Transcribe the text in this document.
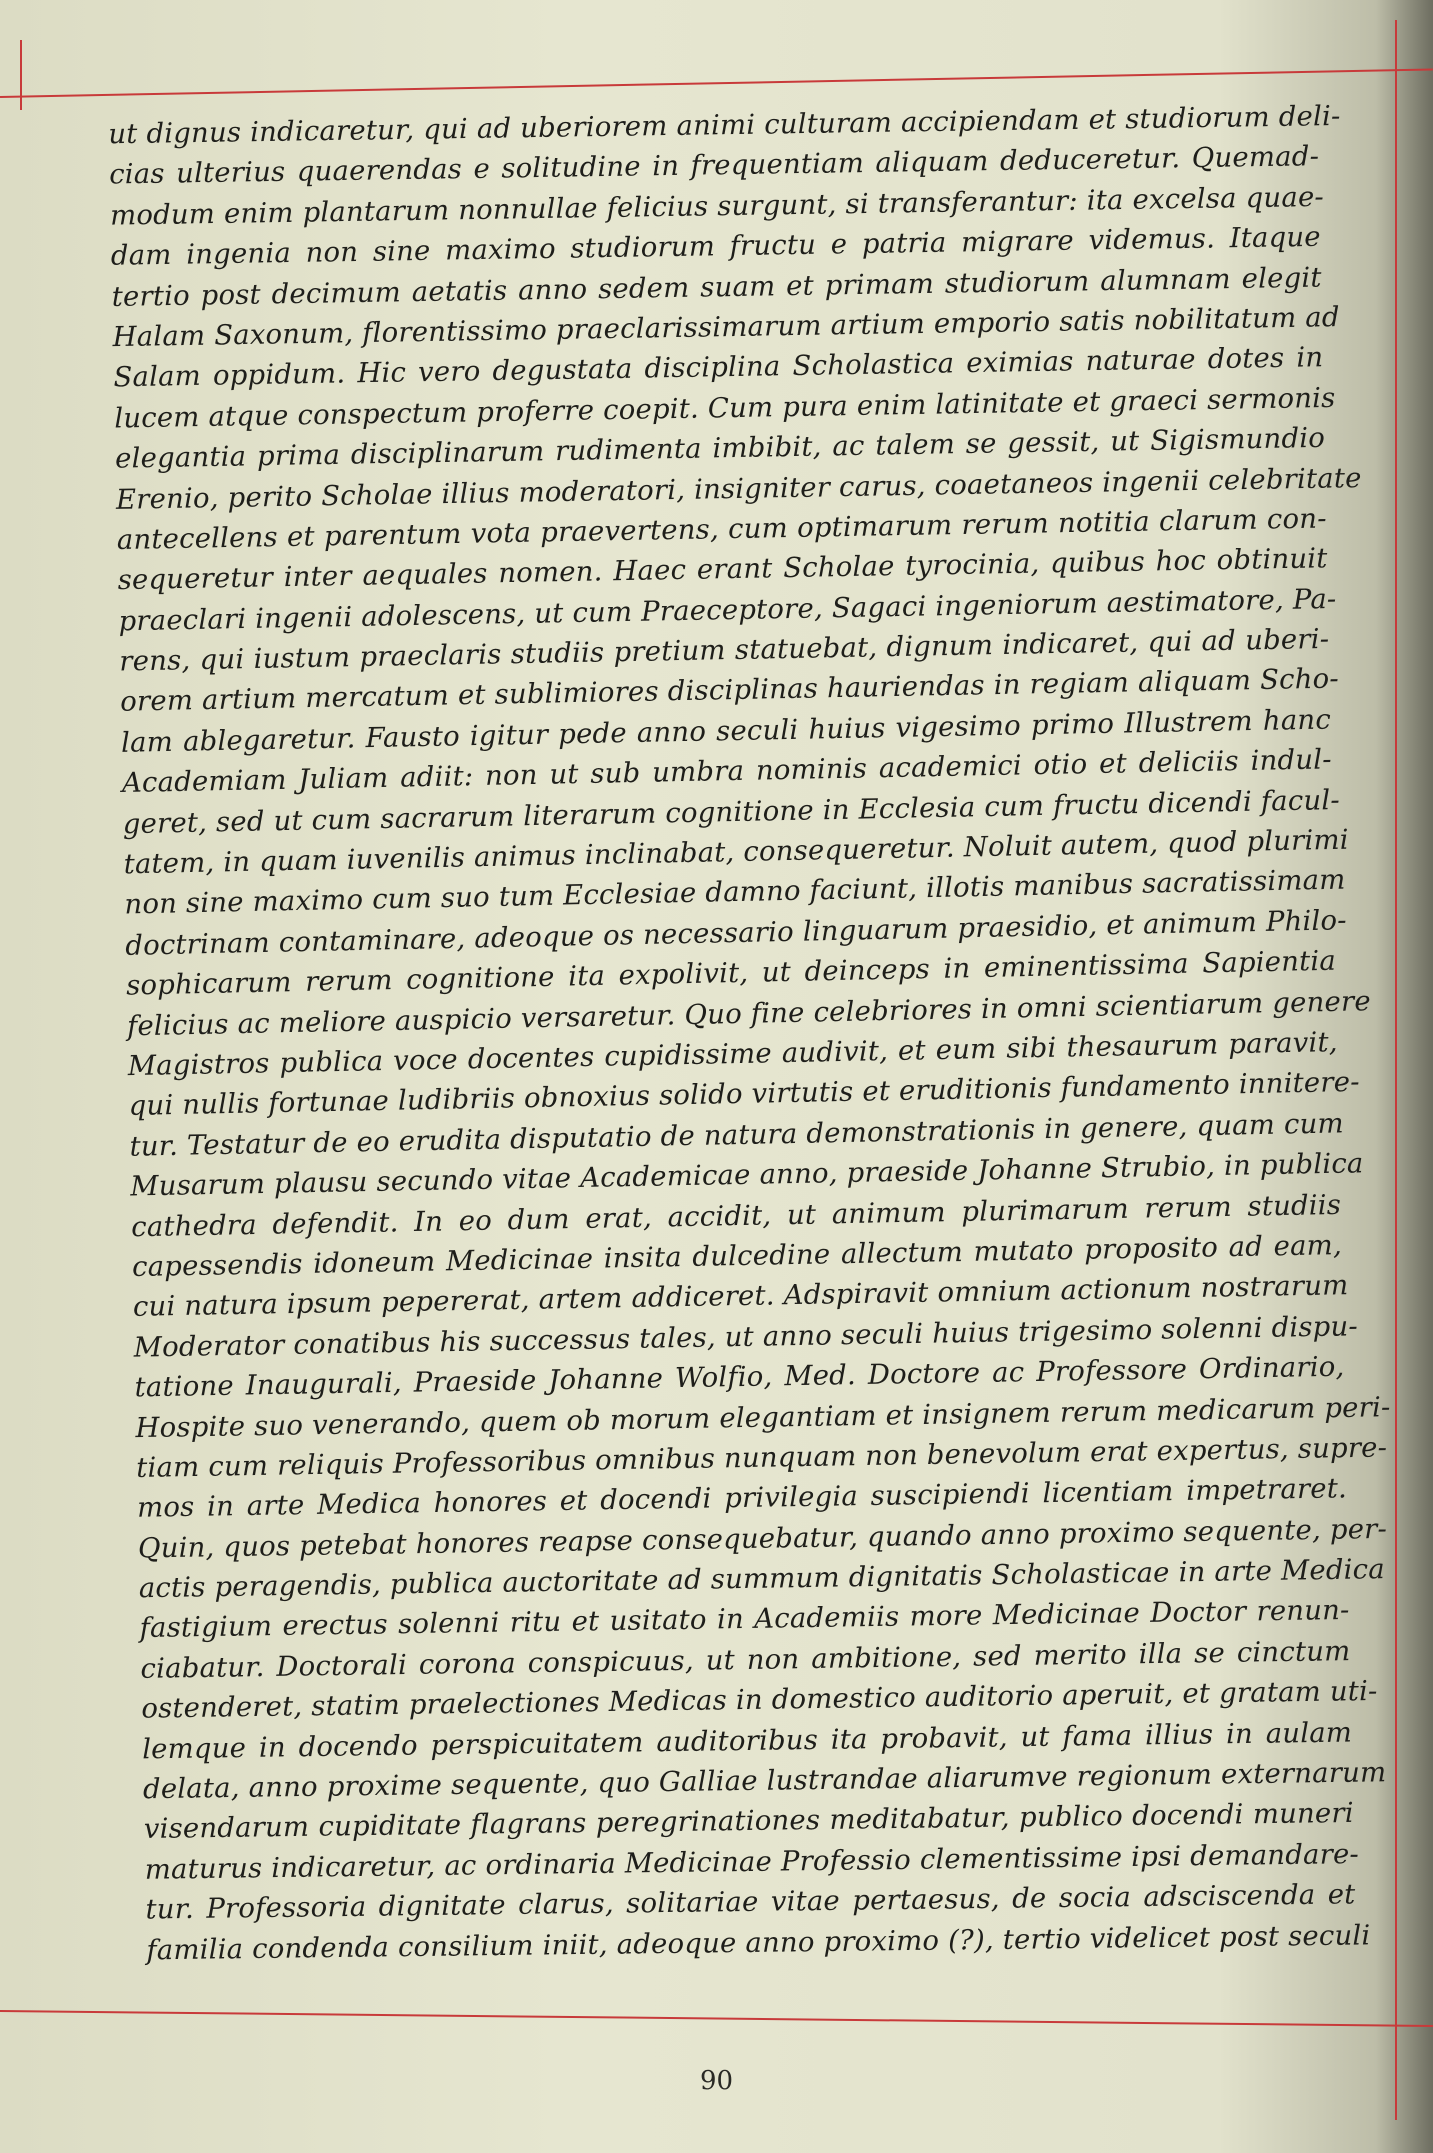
ut dignus indicaretur, qui ad uberiorem animi culturam accipiendam et studiorum deli-
cias ulterius quaerendas e solitudine in frequentiam aliquam deduceretur. Quemad-
modum enim plantarum nonnullae felicius surgunt, si transferantur: ita excelsa quae-
dam ingenia non sine maximo studiorum fructu e patria migrare videmus. Itaque
tertio post decimum aetatis anno sedem suam et primam studiorum alumnam elegit
Halam Saxonum, florentissimo praeclarissimarum artium emporio satis nobilitatum ad
Salam oppidum. Hic vero degustata disciplina Scholastica eximias naturae dotes in
lucem atque conspectum proferre coepit. Cum pura enim latinitate et graeci sermonis
elegantia prima disciplinarum rudimenta imbibit, ac talem se gessit, ut Sigismundio
Erenio, perito Scholae illius moderatori, insigniter carus, coaetaneos ingenii celebritate
antecellens et parentum vota praevertens, cum optimarum rerum notitia clarum con-
sequeretur inter aequales nomen. Haec erant Scholae tyrocinia, quibus hoc obtinuit
praeclari ingenii adolescens, ut cum Praeceptore, Sagaci ingeniorum aestimatore, Pa-
rens, qui iustum praeclaris studiis pretium statuebat, dignum indicaret, qui ad uberi-
orem artium mercatum et sublimiores disciplinas hauriendas in regiam aliquam Scho-
lam ablegaretur. Fausto igitur pede anno seculi huius vigesimo primo Illustrem hanc
Academiam Juliam adiit: non ut sub umbra nominis academici otio et deliciis indul-
geret, sed ut cum sacrarum literarum cognitione in Ecclesia cum fructu dicendi facul-
tatem, in quam iuvenilis animus inclinabat, consequeretur. Noluit autem, quod plurimi
non sine maximo cum suo tum Ecclesiae damno faciunt, illotis manibus sacratissimam
doctrinam contaminare, adeoque os necessario linguarum praesidio, et animum Philo-
sophicarum rerum cognitione ita expolivit, ut deinceps in eminentissima Sapientia
felicius ac meliore auspicio versaretur. Quo fine celebriores in omni scientiarum genere
Magistros publica voce docentes cupidissime audivit, et eum sibi thesaurum paravit,
qui nullis fortunae ludibriis obnoxius solido virtutis et eruditionis fundamento innitere-
tur. Testatur de eo erudita disputatio de natura demonstrationis in genere, quam cum
Musarum plausu secundo vitae Academicae anno, praeside Johanne Strubio, in publica
cathedra defendit. In eo dum erat, accidit, ut animum plurimarum rerum studiis
capessendis idoneum Medicinae insita dulcedine allectum mutato proposito ad eam,
cui natura ipsum pepererat, artem addiceret. Adspiravit omnium actionum nostrarum
Moderator conatibus his successus tales, ut anno seculi huius trigesimo solenni dispu-
tatione Inaugurali, Praeside Johanne Wolfio, Med. Doctore ac Professore Ordinario,
Hospite suo venerando, quem ob morum elegantiam et insignem rerum medicarum peri-
tiam cum reliquis Professoribus omnibus nunquam non benevolum erat expertus, supre-
mos in arte Medica honores et docendi privilegia suscipiendi licentiam impetraret.
Quin, quos petebat honores reapse consequebatur, quando anno proximo sequente, per-
actis peragendis, publica auctoritate ad summum dignitatis Scholasticae in arte Medica
fastigium erectus solenni ritu et usitato in Academiis more Medicinae Doctor renun-
ciabatur. Doctorali corona conspicuus, ut non ambitione, sed merito illa se cinctum
ostenderet, statim praelectiones Medicas in domestico auditorio aperuit, et gratam uti-
lemque in docendo perspicuitatem auditoribus ita probavit, ut fama illius in aulam
delata, anno proxime sequente, quo Galliae lustrandae aliarumve regionum externarum
visendarum cupiditate flagrans peregrinationes meditabatur, publico docendi muneri
maturus indicaretur, ac ordinaria Medicinae Professio clementissime ipsi demandare-
tur. Professoria dignitate clarus, solitariae vitae pertaesus, de socia adsciscenda et
familia condenda consilium iniit, adeoque anno proximo (?), tertio videlicet post seculi
90
